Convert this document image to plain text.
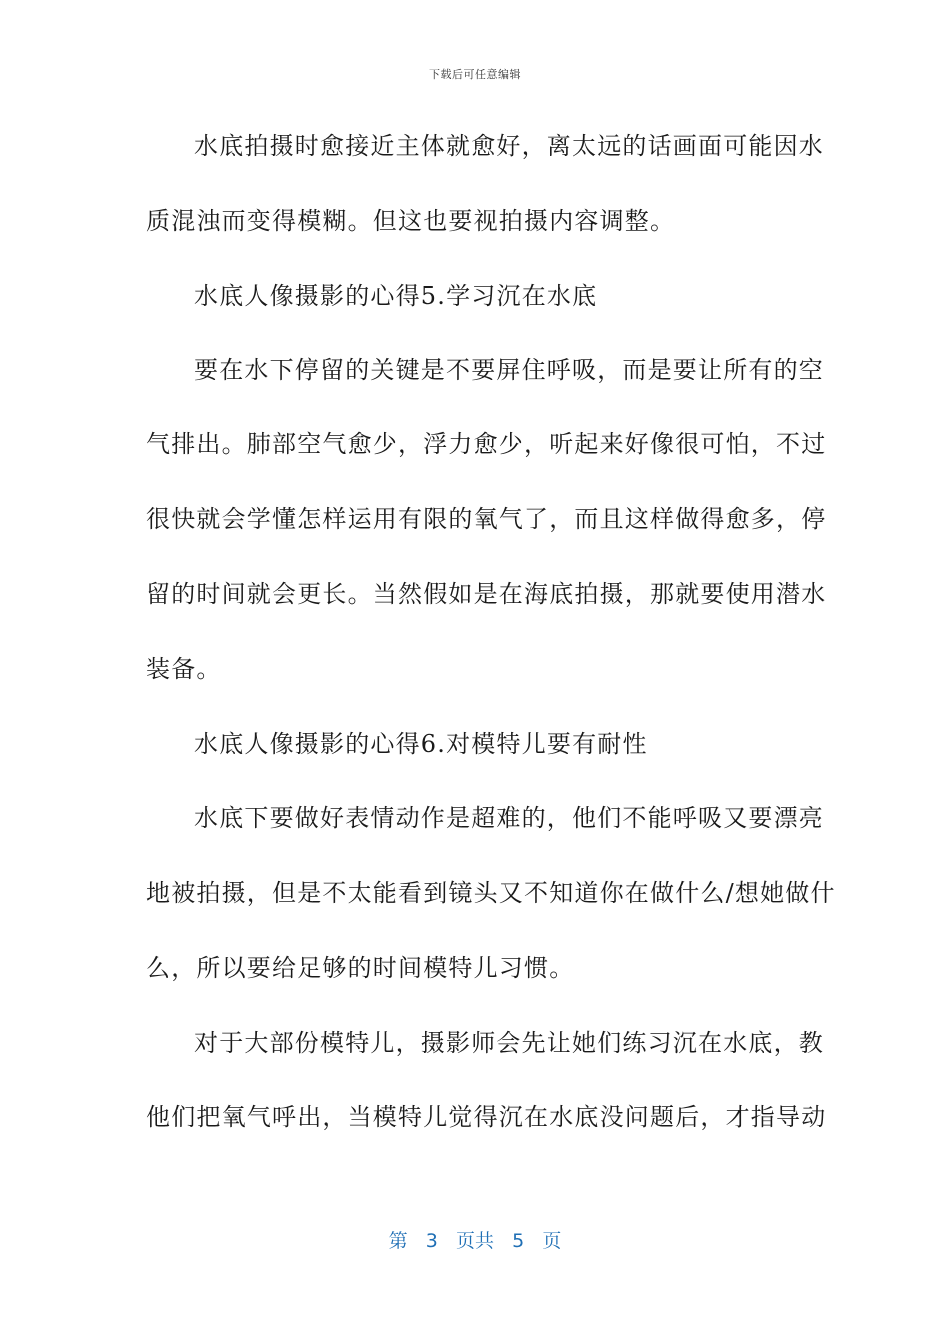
下载后可任意编辑
水底拍摄时愈接近主体就愈好，离太远的话画面可能因水
质混浊而变得模糊。但这也要视拍摄内容调整。
水底人像摄影的心得5.学习沉在水底
要在水下停留的关键是不要屏住呼吸，而是要让所有的空
气排出。肺部空气愈少，浮力愈少，听起来好像很可怕，不过
很快就会学懂怎样运用有限的氧气了，而且这样做得愈多，停
留的时间就会更长。当然假如是在海底拍摄，那就要使用潜水
装备。
水底人像摄影的心得6.对模特儿要有耐性
水底下要做好表情动作是超难的，他们不能呼吸又要漂亮
地被拍摄，但是不太能看到镜头又不知道你在做什么/想她做什
么，所以要给足够的时间模特儿习惯。
对于大部份模特儿，摄影师会先让她们练习沉在水底，教
他们把氧气呼出，当模特儿觉得沉在水底没问题后，才指导动
第 3 页共 5 页
